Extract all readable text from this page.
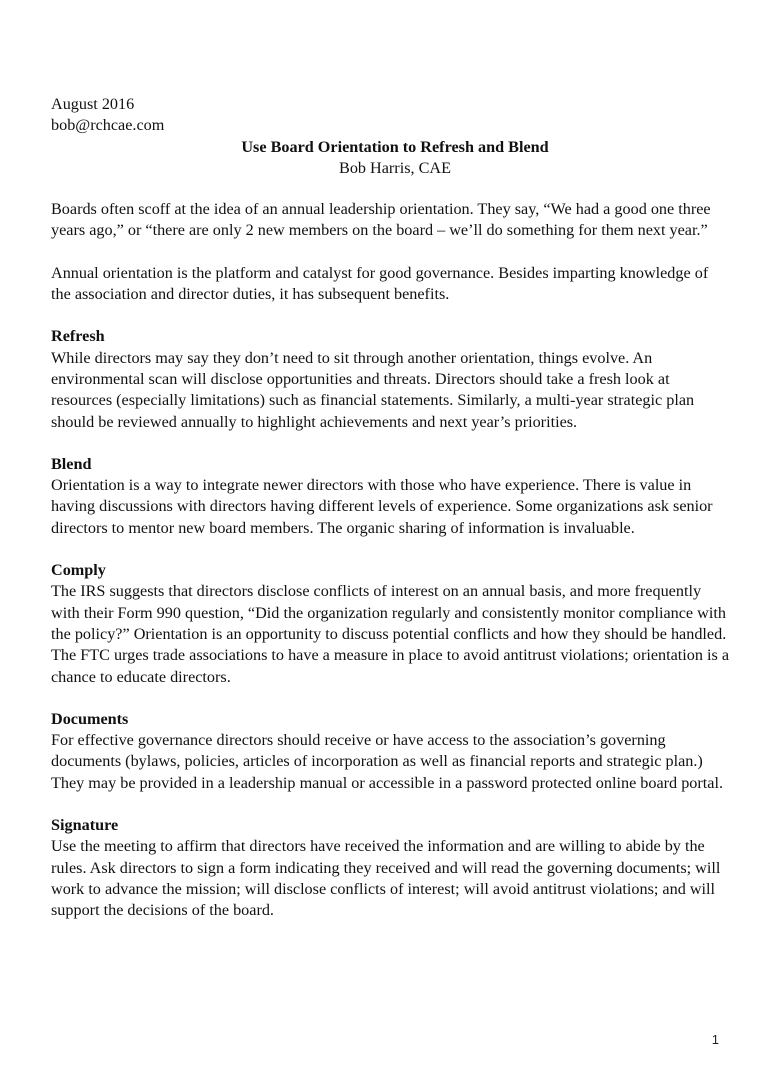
August 2016

bob@rchcae.com

Use Board Orientation to Refresh and Blend

Bob Harris, CAE

Boards often scoff at the idea of an annual leadership orientation. They say, “We had a good one three years ago,” or “there are only 2 new members on the board – we’ll do something for them next year.”

Annual orientation is the platform and catalyst for good governance. Besides imparting knowledge of the association and director duties, it has subsequent benefits.

Refresh

While directors may say they don’t need to sit through another orientation, things evolve. An environmental scan will disclose opportunities and threats. Directors should take a fresh look at resources (especially limitations) such as financial statements. Similarly, a multi-year strategic plan should be reviewed annually to highlight achievements and next year’s priorities.

Blend

Orientation is a way to integrate newer directors with those who have experience. There is value in having discussions with directors having different levels of experience. Some organizations ask senior directors to mentor new board members. The organic sharing of information is invaluable.

Comply

The IRS suggests that directors disclose conflicts of interest on an annual basis, and more frequently with their Form 990 question, “Did the organization regularly and consistently monitor compliance with the policy?” Orientation is an opportunity to discuss potential conflicts and how they should be handled. The FTC urges trade associations to have a measure in place to avoid antitrust violations; orientation is a chance to educate directors.

Documents

For effective governance directors should receive or have access to the association’s governing documents (bylaws, policies, articles of incorporation as well as financial reports and strategic plan.) They may be provided in a leadership manual or accessible in a password protected online board portal.

Signature

Use the meeting to affirm that directors have received the information and are willing to abide by the rules. Ask directors to sign a form indicating they received and will read the governing documents; will work to advance the mission; will disclose conflicts of interest; will avoid antitrust violations; and will support the decisions of the board.

1
